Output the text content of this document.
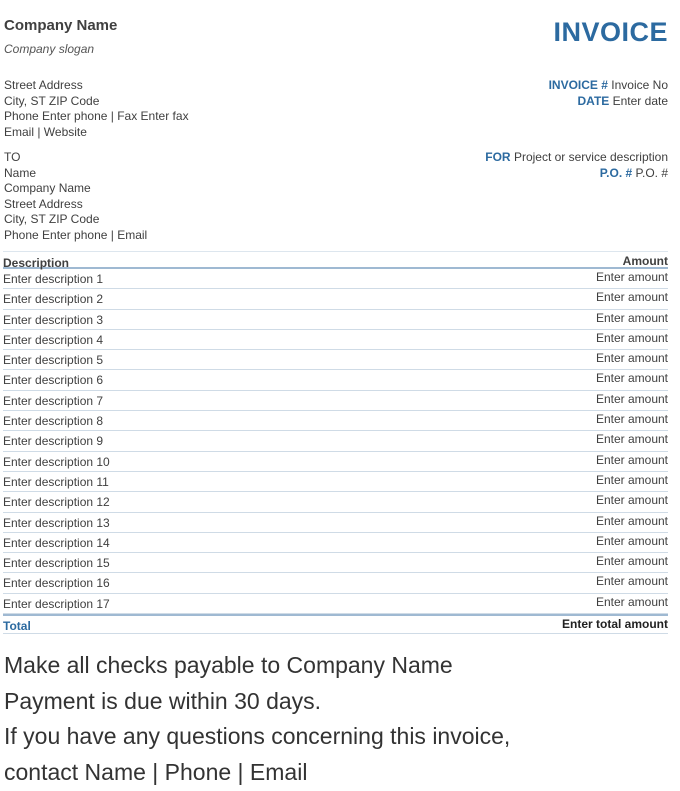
Company Name
Company slogan
INVOICE
Street Address
City, ST ZIP Code
Phone Enter phone | Fax Enter fax
Email | Website
INVOICE # Invoice No
DATE Enter date
TO
Name
Company Name
Street Address
City, ST ZIP Code
Phone Enter phone | Email
FOR Project or service description
P.O. # P.O. #
Description	Amount
Enter description 1	Enter amount
Enter description 2	Enter amount
Enter description 3	Enter amount
Enter description 4	Enter amount
Enter description 5	Enter amount
Enter description 6	Enter amount
Enter description 7	Enter amount
Enter description 8	Enter amount
Enter description 9	Enter amount
Enter description 10	Enter amount
Enter description 11	Enter amount
Enter description 12	Enter amount
Enter description 13	Enter amount
Enter description 14	Enter amount
Enter description 15	Enter amount
Enter description 16	Enter amount
Enter description 17	Enter amount
Total	Enter total amount
Make all checks payable to Company Name
Payment is due within 30 days.
If you have any questions concerning this invoice,
contact Name | Phone | Email
